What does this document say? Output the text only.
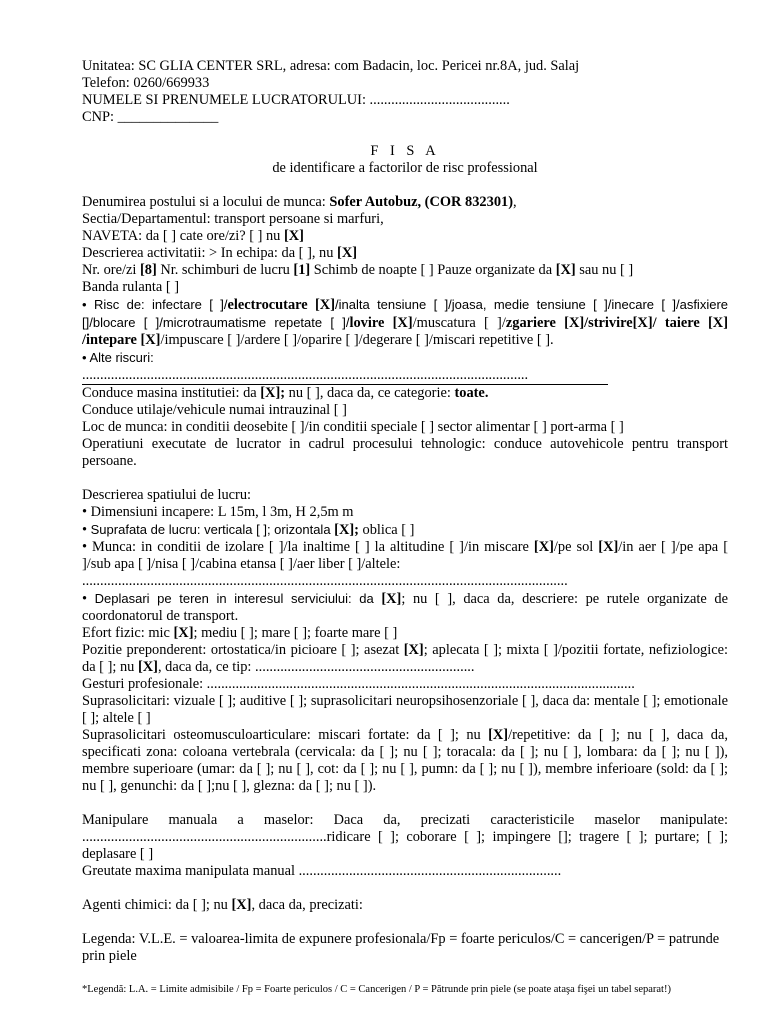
Unitatea: SC GLIA CENTER SRL, adresa: com Badacin, loc. Pericei nr.8A, jud. Salaj

Telefon: 0260/669933

NUMELE SI PRENUMELE LUCRATORULUI: .......................................

CNP: ______________

F I S A

de identificare a factorilor de risc professional

Denumirea postului si a locului de munca: Sofer Autobuz, (COR 832301),

Sectia/Departamentul: transport persoane si marfuri,

NAVETA: da [ ] cate ore/zi? [ ] nu [X]

Descrierea activitatii: > In echipa: da [ ], nu [X]

Nr. ore/zi [8] Nr. schimburi de lucru [1] Schimb de noapte [ ] Pauze organizate da [X] sau nu [ ]

Banda rulanta [ ]

• Risc de: infectare [ ]/electrocutare [X]/inalta tensiune [ ]/joasa, medie tensiune [ ]/inecare [ ]/asfixiere []/blocare [ ]/microtraumatisme repetate [ ]/lovire [X]/muscatura [ ]/zgariere [X]/strivire[X]/ taiere [X] /intepare [X]/impuscare [ ]/ardere [ ]/oparire [ ]/degerare [ ]/miscari repetitive [ ].

• Alte riscuri:

............................................................................................................................

Conduce masina institutiei: da [X]; nu [ ], daca da, ce categorie: toate.

Conduce utilaje/vehicule numai intrauzinal [ ]

Loc de munca: in conditii deosebite [ ]/in conditii speciale [ ] sector alimentar [ ] port-arma [ ]

Operatiuni executate de lucrator in cadrul procesului tehnologic: conduce autovehicole pentru transport persoane.

Descrierea spatiului de lucru:

• Dimensiuni incapere: L 15m, l 3m, H 2,5m m

• Suprafata de lucru: verticala [ ]; orizontala [X]; oblica [ ]

• Munca: in conditii de izolare [ ]/la inaltime [ ] la altitudine [ ]/in miscare [X]/pe sol [X]/in aer [ ]/pe apa [ ]/sub apa [ ]/nisa [ ]/cabina etansa [ ]/aer liber [ ]/altele:

.......................................................................................................................................

• Deplasari pe teren in interesul serviciului: da [X]; nu [ ], daca da, descriere: pe rutele organizate de coordonatorul de transport.

Efort fizic: mic [X]; mediu [ ]; mare [ ]; foarte mare [ ]

Pozitie preponderent: ortostatica/in picioare [ ]; asezat [X]; aplecata [ ]; mixta [ ]/pozitii fortate, nefiziologice: da [ ]; nu [X], daca da, ce tip: .............................................................

Gesturi profesionale: .......................................................................................................................

Suprasolicitari: vizuale [ ]; auditive [ ]; suprasolicitari neuropsihosenzoriale [ ], daca da: mentale [ ]; emotionale [ ]; altele [ ]

Suprasolicitari osteomusculoarticulare: miscari fortate: da [ ]; nu [X]/repetitive: da [ ]; nu [ ], daca da, specificati zona: coloana vertebrala (cervicala: da [ ]; nu [ ]; toracala: da [ ]; nu [ ], lombara: da [ ]; nu [ ]), membre superioare (umar: da [ ]; nu [ ], cot: da [ ]; nu [ ], pumn: da [ ]; nu [ ]), membre inferioare (sold: da [ ]; nu [ ], genunchi: da [ ];nu [ ], glezna: da [ ]; nu [ ]).

Manipulare manuala a maselor: Daca da, precizati caracteristicile maselor manipulate: ....................................................................ridicare [ ]; coborare [ ]; impingere []; tragere [ ]; purtare; [ ]; deplasare [ ]

Greutate maxima manipulata manual .........................................................................

Agenti chimici: da [ ]; nu [X], daca da, precizati:

Legenda: V.L.E. = valoarea-limita de expunere profesionala/Fp = foarte periculos/C = cancerigen/P = patrunde prin piele

*Legendă: L.A. = Limite admisibile / Fp = Foarte periculos / C = Cancerigen / P = Pătrunde prin piele (se poate ataşa fişei un tabel separat!)
